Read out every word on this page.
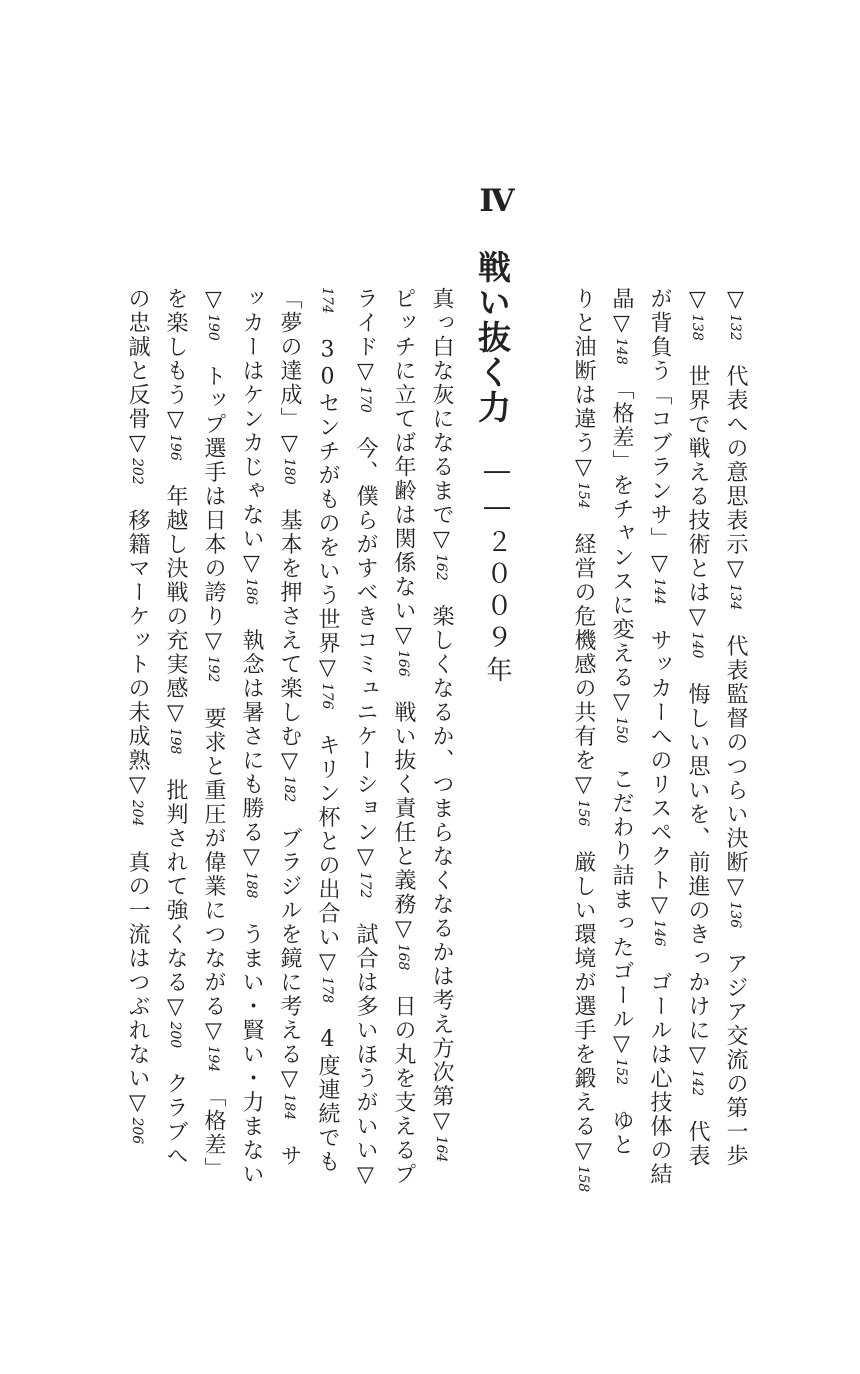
Ⅳ
戦い抜く力
――２００９年
▽132　代表への意思表示▽134　代表監督のつらい決断▽136　アジア交流の第一歩
▽138　世界で戦える技術とは▽140　悔しい思いを、前進のきっかけに▽142　代表
が背負う「コブランサ」▽144　サッカーへのリスペクト▽146　ゴールは心技体の結
晶▽148　「格差」をチャンスに変える▽150　こだわり詰まったゴール▽152　ゆと
りと油断は違う▽154　経営の危機感の共有を▽156　厳しい環境が選手を鍛える▽158
真っ白な灰になるまで▽162　楽しくなるか、つまらなくなるかは考え方次第▽164
ピッチに立てば年齢は関係ない▽166　戦い抜く責任と義務▽168　日の丸を支えるプ
ライド▽170　今、僕らがすべきコミュニケーション▽172　試合は多いほうがいい▽
174　30センチがものをいう世界▽176　キリン杯との出合い▽178　4度連続でも
「夢の達成」▽180　基本を押さえて楽しむ▽182　ブラジルを鏡に考える▽184　サ
ッカーはケンカじゃない▽186　執念は暑さにも勝る▽188　うまい・賢い・力まない
▽190　トップ選手は日本の誇り▽192　要求と重圧が偉業につながる▽194　「格差」
を楽しもう▽196　年越し決戦の充実感▽198　批判されて強くなる▽200　クラブへ
の忠誠と反骨▽202　移籍マーケットの未成熟▽204　真の一流はつぶれない▽206
